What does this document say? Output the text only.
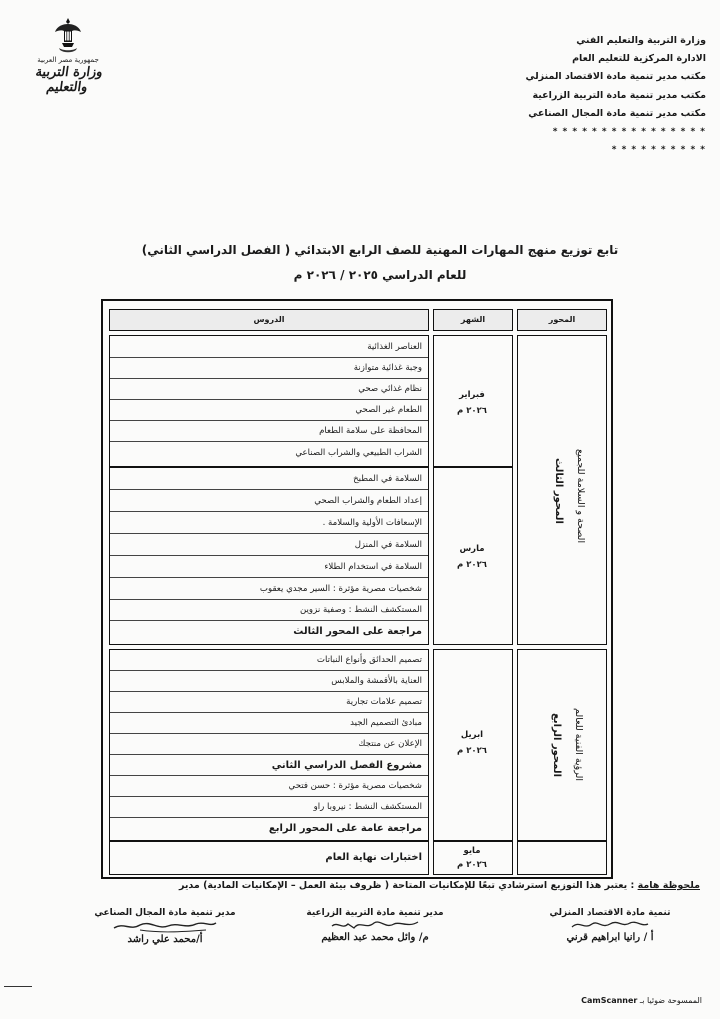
جمهورية مصر العربية
وزارة التربية والتعليم
وزارة التربية والتعليم الفني
الادارة المركزية للتعليم العام
مكتب مدير تنمية مادة الاقتصاد المنزلي
مكتب مدير تنمية مادة التربية الزراعية
مكتب مدير تنمية مادة المجال الصناعي
* * * * * * * * * * * * * * * * * * * * * * * * * *
تابع توزيع منهج المهارات المهنية للصف الرابع الابتدائي ( الفصل الدراسي الثاني)
للعام الدراسي ٢٠٢٥ / ٢٠٢٦ م
المحور
الشهر
الدروس
المحور الثالث الصحة و السلامة للجميع
فبراير
٢٠٢٦ م
العناصر الغذائية
وجبة غذائية متوازنة
نظام غذائي صحي
الطعام غير الصحي
المحافظة على سلامة الطعام
الشراب الطبيعي والشراب الصناعي
مارس
٢٠٢٦ م
السلامة في المطبخ
إعداد الطعام والشراب الصحي
الإسعافات الأولية والسلامة .
السلامة في المنزل
السلامة في استخدام الطلاء
شخصيات مصرية مؤثرة : السير مجدي يعقوب
المستكشف النشط : وصفية نزوين
مراجعة على المحور الثالث
المحور الرابع الرؤية الفنية للعالم
ابريل
٢٠٢٦ م
تصميم الحدائق وأنواع النباتات
العناية بالأقمشة والملابس
تصميم علامات تجارية
مبادئ التصميم الجيد
الإعلان عن منتجك
مشروع الفصل الدراسي الثاني
شخصيات مصرية مؤثرة : حسن فتحي
المستكشف النشط : نيروبا راو
مراجعة عامة على المحور الرابع
مايو
٢٠٢٦ م
اختبارات نهاية العام
ملحوظة هامة : يعتبر هذا التوزيع استرشادي تبعًا للإمكانيات المتاحة ( ظروف بيئة العمل – الإمكانيات المادية) مدير
تنمية مادة الاقتصاد المنزلي
أ / رانيا ابراهيم قرني
مدير تنمية مادة التربية الزراعية
م/ وائل محمد عبد العظيم
مدير تنمية مادة المجال الصناعي
أ/محمد علي راشد
الممسوحة ضوئيا بـ CamScanner
